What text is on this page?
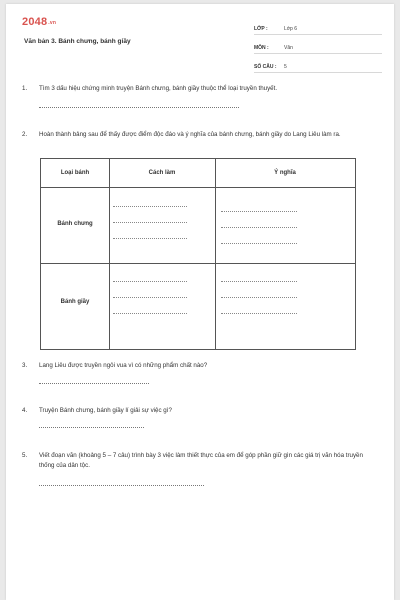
2048.vn
Văn bản 3. Bánh chưng, bánh giầy
LỚP :	Lớp 6
MÔN :	Văn
SỐ CÂU :	5
1.	Tìm 3 dấu hiệu chứng minh truyện Bánh chưng, bánh giầy thuộc thể loại truyền thuyết.
2.	Hoàn thành bảng sau để thấy được điểm độc đáo và ý nghĩa của bánh chưng, bánh giầy do Lang Liêu làm ra.
Loại bánh	Cách làm	Ý nghĩa
Bánh chưng
Bánh giầy
3.	Lang Liêu được truyền ngôi vua vì có những phẩm chất nào?
4.	Truyện Bánh chưng, bánh giầy lí giải sự việc gì?
5.	Viết đoạn văn (khoảng 5 – 7 câu) trình bày 3 việc làm thiết thực của em để góp phần giữ gìn các giá trị văn hóa truyền thống của dân tộc.
